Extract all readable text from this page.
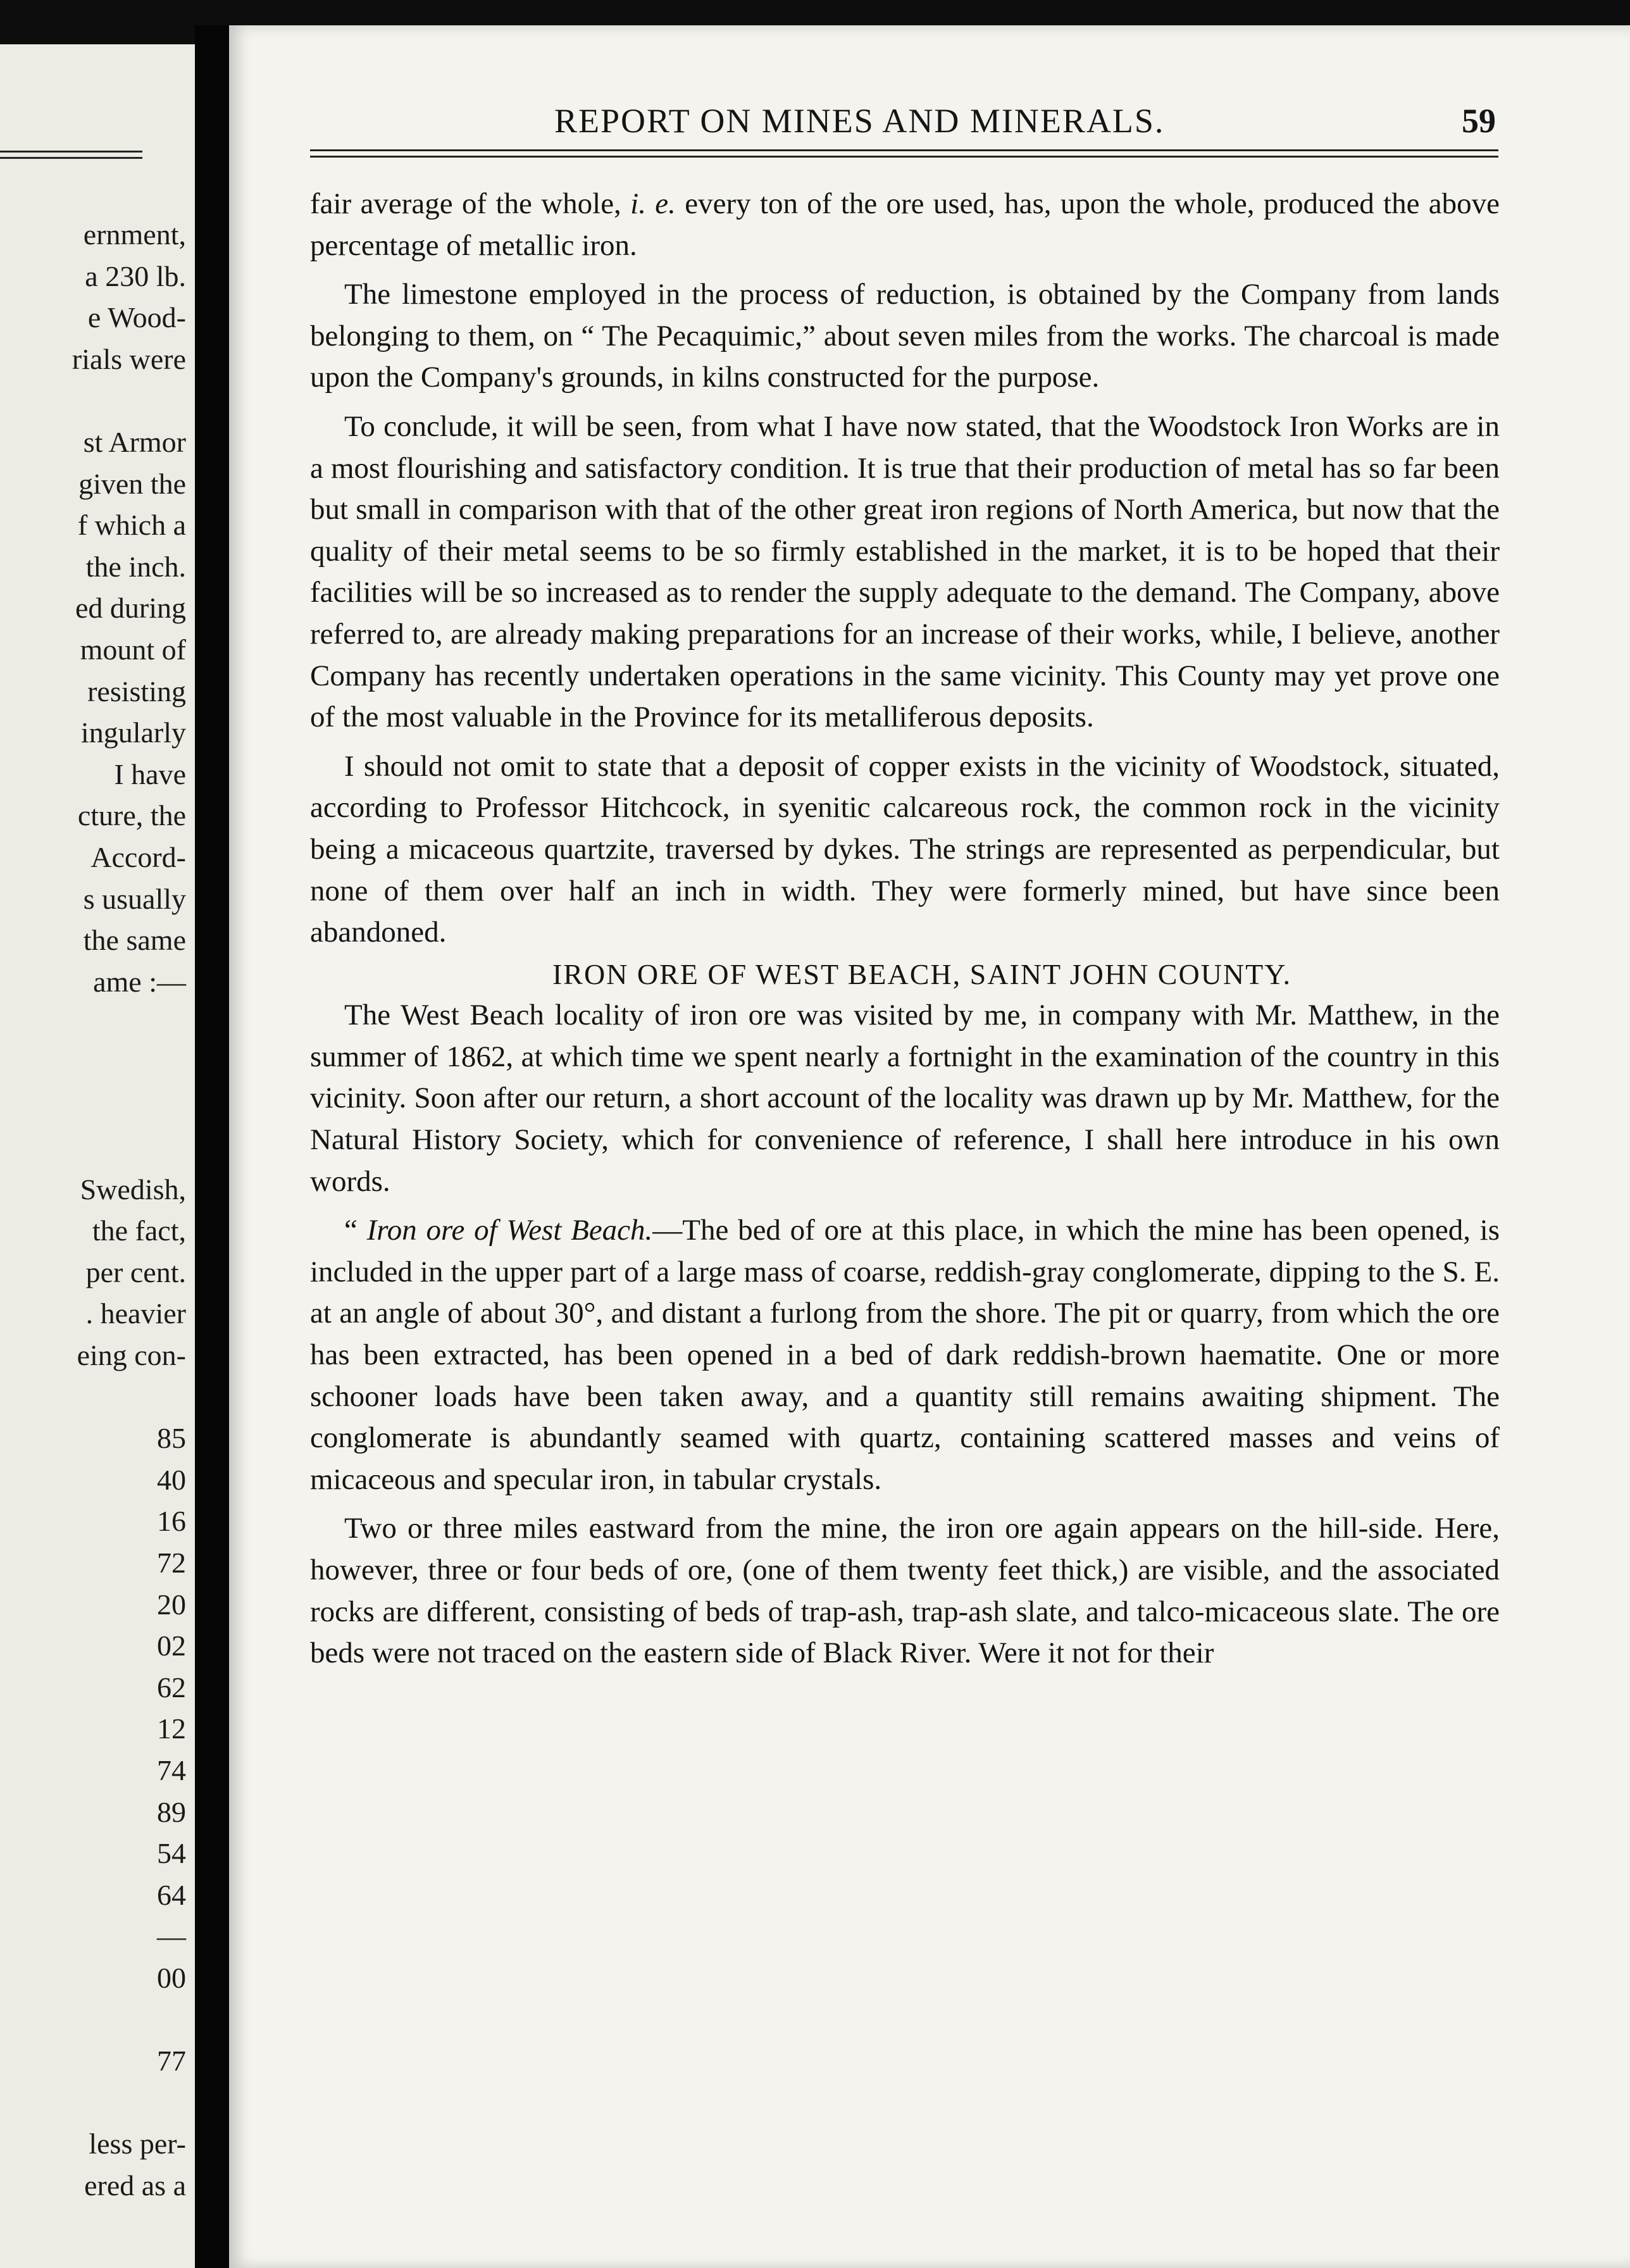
ernment,
a 230 lb.
e Wood-
rials were
st Armor
given the
f which a
the inch.
ed during
mount of
resisting
ingularly
I have
cture, the
Accord-
s usually
the same
ame :—
Swedish,
the fact,
per cent.
. heavier
eing con-
85
40
16
72
20
02
62
12
74
89
54
64
—
00
77
less per-
ered as a
REPORT ON MINES AND MINERALS.	59

fair average of the whole, i. e. every ton of the ore used, has, upon the whole, produced the above percentage of metallic iron.

The limestone employed in the process of reduction, is obtained by the Company from lands belonging to them, on “ The Pecaquimic,” about seven miles from the works. The charcoal is made upon the Company's grounds, in kilns constructed for the purpose.

To conclude, it will be seen, from what I have now stated, that the Woodstock Iron Works are in a most flourishing and satisfactory condition. It is true that their production of metal has so far been but small in comparison with that of the other great iron regions of North America, but now that the quality of their metal seems to be so firmly established in the market, it is to be hoped that their facilities will be so increased as to render the supply adequate to the demand. The Company, above referred to, are already making preparations for an increase of their works, while, I believe, another Company has recently undertaken operations in the same vicinity. This County may yet prove one of the most valuable in the Province for its metalliferous deposits.

I should not omit to state that a deposit of copper exists in the vicinity of Woodstock, situated, according to Professor Hitchcock, in syenitic calcareous rock, the common rock in the vicinity being a micaceous quartzite, traversed by dykes. The strings are represented as perpendicular, but none of them over half an inch in width. They were formerly mined, but have since been abandoned.

IRON ORE OF WEST BEACH, SAINT JOHN COUNTY.

The West Beach locality of iron ore was visited by me, in company with Mr. Matthew, in the summer of 1862, at which time we spent nearly a fortnight in the examination of the country in this vicinity. Soon after our return, a short account of the locality was drawn up by Mr. Matthew, for the Natural History Society, which for convenience of reference, I shall here introduce in his own words.

“ Iron ore of West Beach.—The bed of ore at this place, in which the mine has been opened, is included in the upper part of a large mass of coarse, reddish-gray conglomerate, dipping to the S. E. at an angle of about 30°, and distant a furlong from the shore. The pit or quarry, from which the ore has been extracted, has been opened in a bed of dark reddish-brown haematite. One or more schooner loads have been taken away, and a quantity still remains awaiting shipment. The conglomerate is abundantly seamed with quartz, containing scattered masses and veins of micaceous and specular iron, in tabular crystals.

Two or three miles eastward from the mine, the iron ore again appears on the hill-side. Here, however, three or four beds of ore, (one of them twenty feet thick,) are visible, and the associated rocks are different, consisting of beds of trap-ash, trap-ash slate, and talco-micaceous slate. The ore beds were not traced on the eastern side of Black River. Were it not for their
